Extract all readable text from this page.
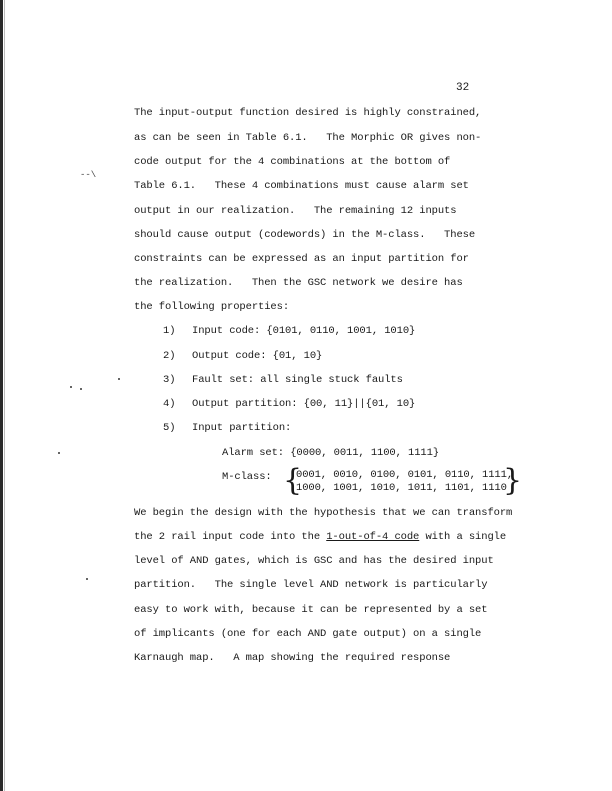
32
--\
The input-output function desired is highly constrained,
as can be seen in Table 6.1.   The Morphic OR gives non-
code output for the 4 combinations at the bottom of
Table 6.1.   These 4 combinations must cause alarm set
output in our realization.   The remaining 12 inputs
should cause output (codewords) in the M-class.   These
constraints can be expressed as an input partition for
the realization.   Then the GSC network we desire has
the following properties:
1) Input code: {0101, 0110, 1001, 1010}
2) Output code: {01, 10}
3) Fault set: all single stuck faults
4) Output partition: {00, 11}||{01, 10}
5) Input partition:
Alarm set: {0000, 0011, 1100, 1111}
M-class: {
0001, 0010, 0100, 0101, 0110, 1111,
1000, 1001, 1010, 1011, 1101, 1110
}
We begin the design with the hypothesis that we can transform
the 2 rail input code into the 1-out-of-4 code with a single
level of AND gates, which is GSC and has the desired input
partition.   The single level AND network is particularly
easy to work with, because it can be represented by a set
of implicants (one for each AND gate output) on a single
Karnaugh map.   A map showing the required response
